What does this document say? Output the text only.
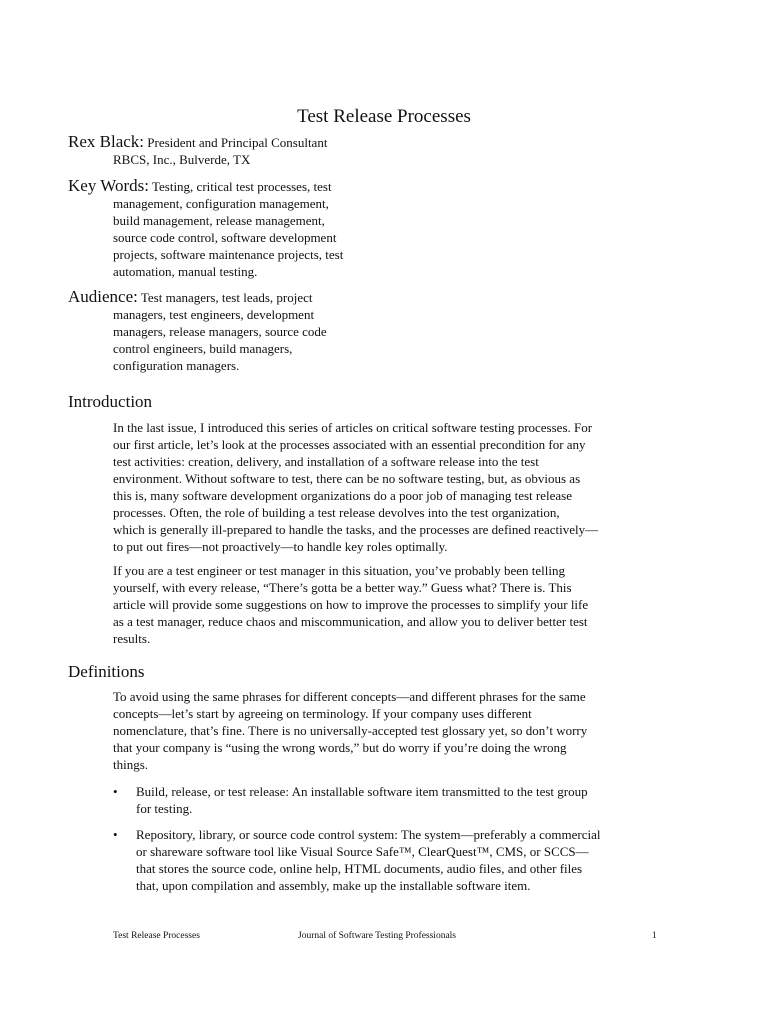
Test Release Processes
Rex Black: President and Principal Consultant
RBCS, Inc., Bulverde, TX
Key Words: Testing, critical test processes, test
management, configuration management,
build management, release management,
source code control, software development
projects, software maintenance projects, test
automation, manual testing.
Audience: Test managers, test leads, project
managers, test engineers, development
managers, release managers, source code
control engineers, build managers,
configuration managers.
Introduction
In the last issue, I introduced this series of articles on critical software testing processes. For
our first article, let’s look at the processes associated with an essential precondition for any
test activities: creation, delivery, and installation of a software release into the test
environment. Without software to test, there can be no software testing, but, as obvious as
this is, many software development organizations do a poor job of managing test release
processes. Often, the role of building a test release devolves into the test organization,
which is generally ill-prepared to handle the tasks, and the processes are defined reactively—
to put out fires—not proactively—to handle key roles optimally.
If you are a test engineer or test manager in this situation, you’ve probably been telling
yourself, with every release, “There’s gotta be a better way.” Guess what? There is. This
article will provide some suggestions on how to improve the processes to simplify your life
as a test manager, reduce chaos and miscommunication, and allow you to deliver better test
results.
Definitions
To avoid using the same phrases for different concepts—and different phrases for the same
concepts—let’s start by agreeing on terminology. If your company uses different
nomenclature, that’s fine. There is no universally-accepted test glossary yet, so don’t worry
that your company is “using the wrong words,” but do worry if you’re doing the wrong
things.
• Build, release, or test release: An installable software item transmitted to the test group
for testing.
• Repository, library, or source code control system: The system—preferably a commercial
or shareware software tool like Visual Source Safe™, ClearQuest™, CMS, or SCCS—
that stores the source code, online help, HTML documents, audio files, and other files
that, upon compilation and assembly, make up the installable software item.
Test Release Processes	Journal of Software Testing Professionals	1
